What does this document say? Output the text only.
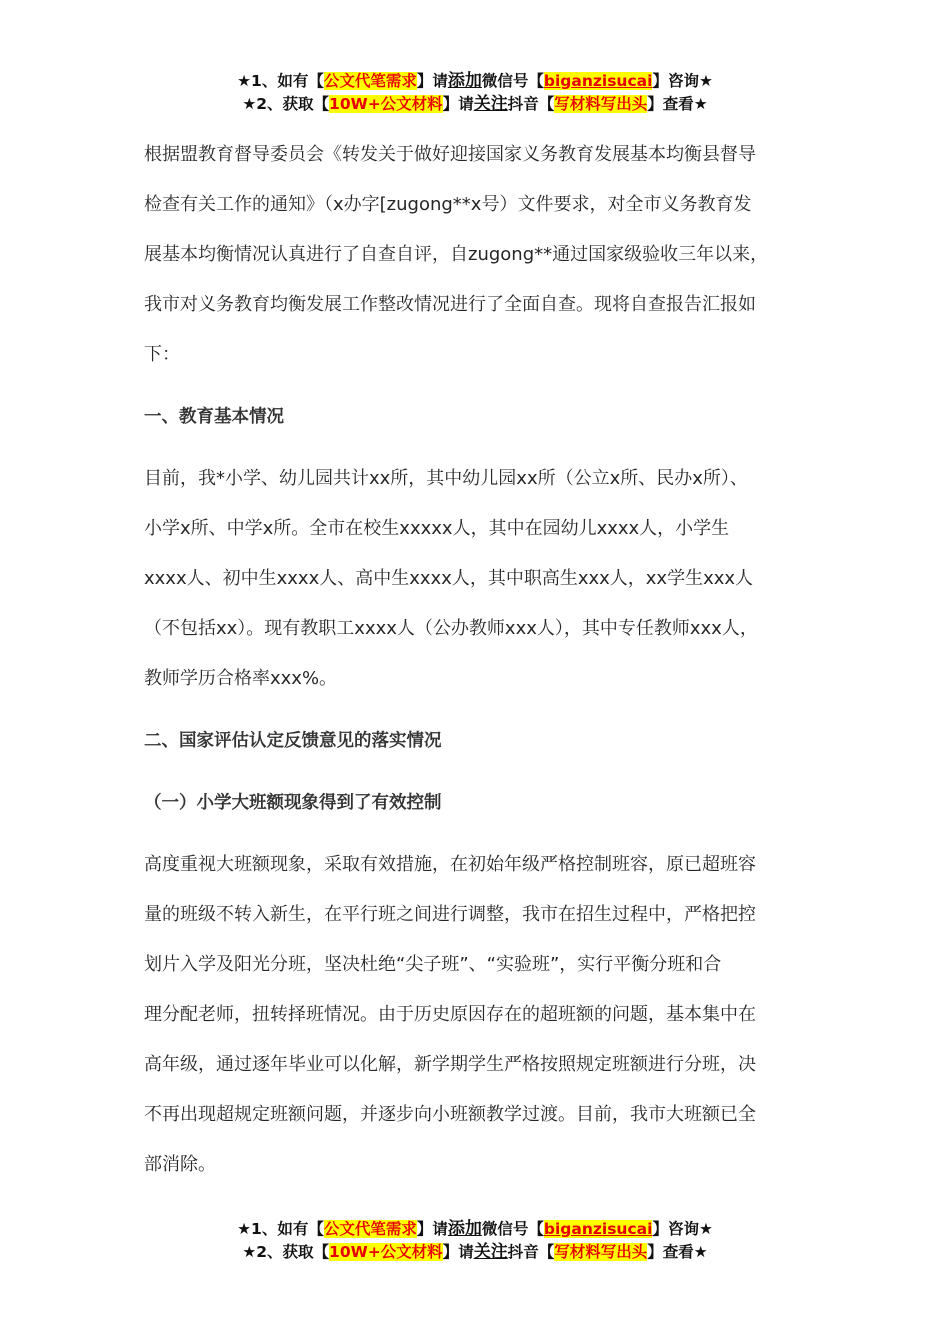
★1、如有【公文代笔需求】请添加微信号【biganzisucai】咨询★
★2、获取【10W+公文材料】请关注抖音【写材料写出头】查看★

根据盟教育督导委员会《转发关于做好迎接国家义务教育发展基本均衡县督导

检查有关工作的通知》（x办字[zugong**x号）文件要求，对全市义务教育发

展基本均衡情况认真进行了自查自评，自zugong**通过国家级验收三年以来，

我市对义务教育均衡发展工作整改情况进行了全面自查。现将自查报告汇报如

下：

一、教育基本情况

目前，我*小学、幼儿园共计xx所，其中幼儿园xx所（公立x所、民办x所）、

小学x所、中学x所。全市在校生xxxxx人，其中在园幼儿xxxx人，小学生

xxxx人、初中生xxxx人、高中生xxxx人，其中职高生xxx人，xx学生xxx人

（不包括xx）。现有教职工xxxx人（公办教师xxx人），其中专任教师xxx人，

教师学历合格率xxx%。

二、国家评估认定反馈意见的落实情况

（一）小学大班额现象得到了有效控制

高度重视大班额现象，采取有效措施，在初始年级严格控制班容，原已超班容

量的班级不转入新生，在平行班之间进行调整，我市在招生过程中，严格把控

划片入学及阳光分班，坚决杜绝“尖子班”、“实验班”，实行平衡分班和合

理分配老师，扭转择班情况。由于历史原因存在的超班额的问题，基本集中在

高年级，通过逐年毕业可以化解，新学期学生严格按照规定班额进行分班，决

不再出现超规定班额问题，并逐步向小班额教学过渡。目前，我市大班额已全

部消除。

★1、如有【公文代笔需求】请添加微信号【biganzisucai】咨询★
★2、获取【10W+公文材料】请关注抖音【写材料写出头】查看★
